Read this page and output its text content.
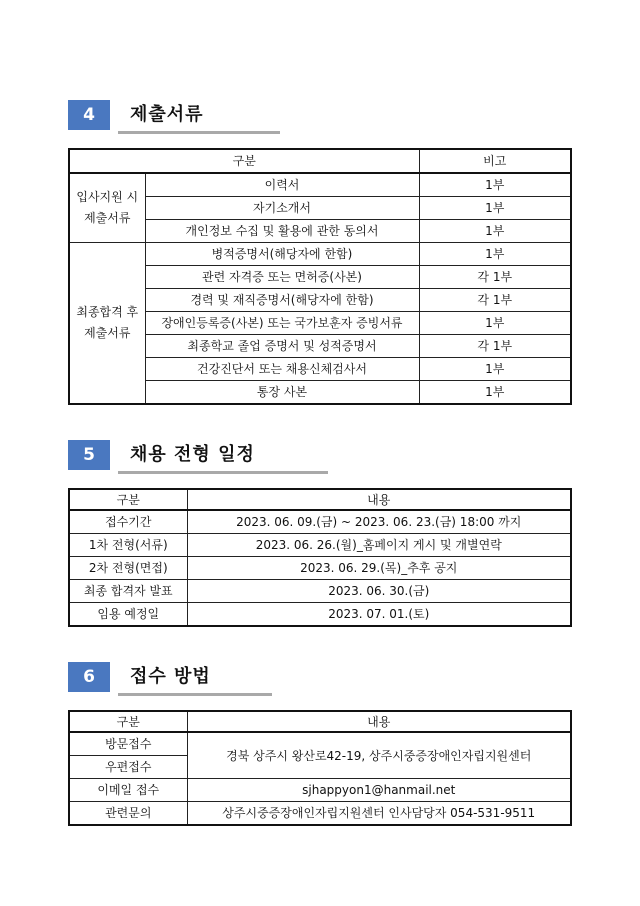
4	제출서류
구분		비고
입사지원 시
제출서류	이력서	1부
	자기소개서	1부
	개인정보 수집 및 활용에 관한 동의서	1부
최종합격 후
제출서류	병적증명서(해당자에 한함)	1부
	관련 자격증 또는 면허증(사본)	각 1부
	경력 및 재직증명서(해당자에 한함)	각 1부
	장애인등록증(사본) 또는 국가보훈자 증빙서류	1부
	최종학교 졸업 증명서 및 성적증명서	각 1부
	건강진단서 또는 채용신체검사서	1부
	통장 사본	1부
5	채용 전형 일정
구분	내용
접수기간	2023. 06. 09.(금) ~ 2023. 06. 23.(금) 18:00 까지
1차 전형(서류)	2023. 06. 26.(월)_홈페이지 게시 및 개별연락
2차 전형(면접)	2023. 06. 29.(목)_추후 공지
최종 합격자 발표	2023. 06. 30.(금)
임용 예정일	2023. 07. 01.(토)
6	접수 방법
구분	내용
방문접수	경북 상주시 왕산로42-19, 상주시중증장애인자립지원센터
우편접수	
이메일 접수	sjhappyon1@hanmail.net
관련문의	상주시중증장애인자립지원센터 인사담당자 054-531-9511
